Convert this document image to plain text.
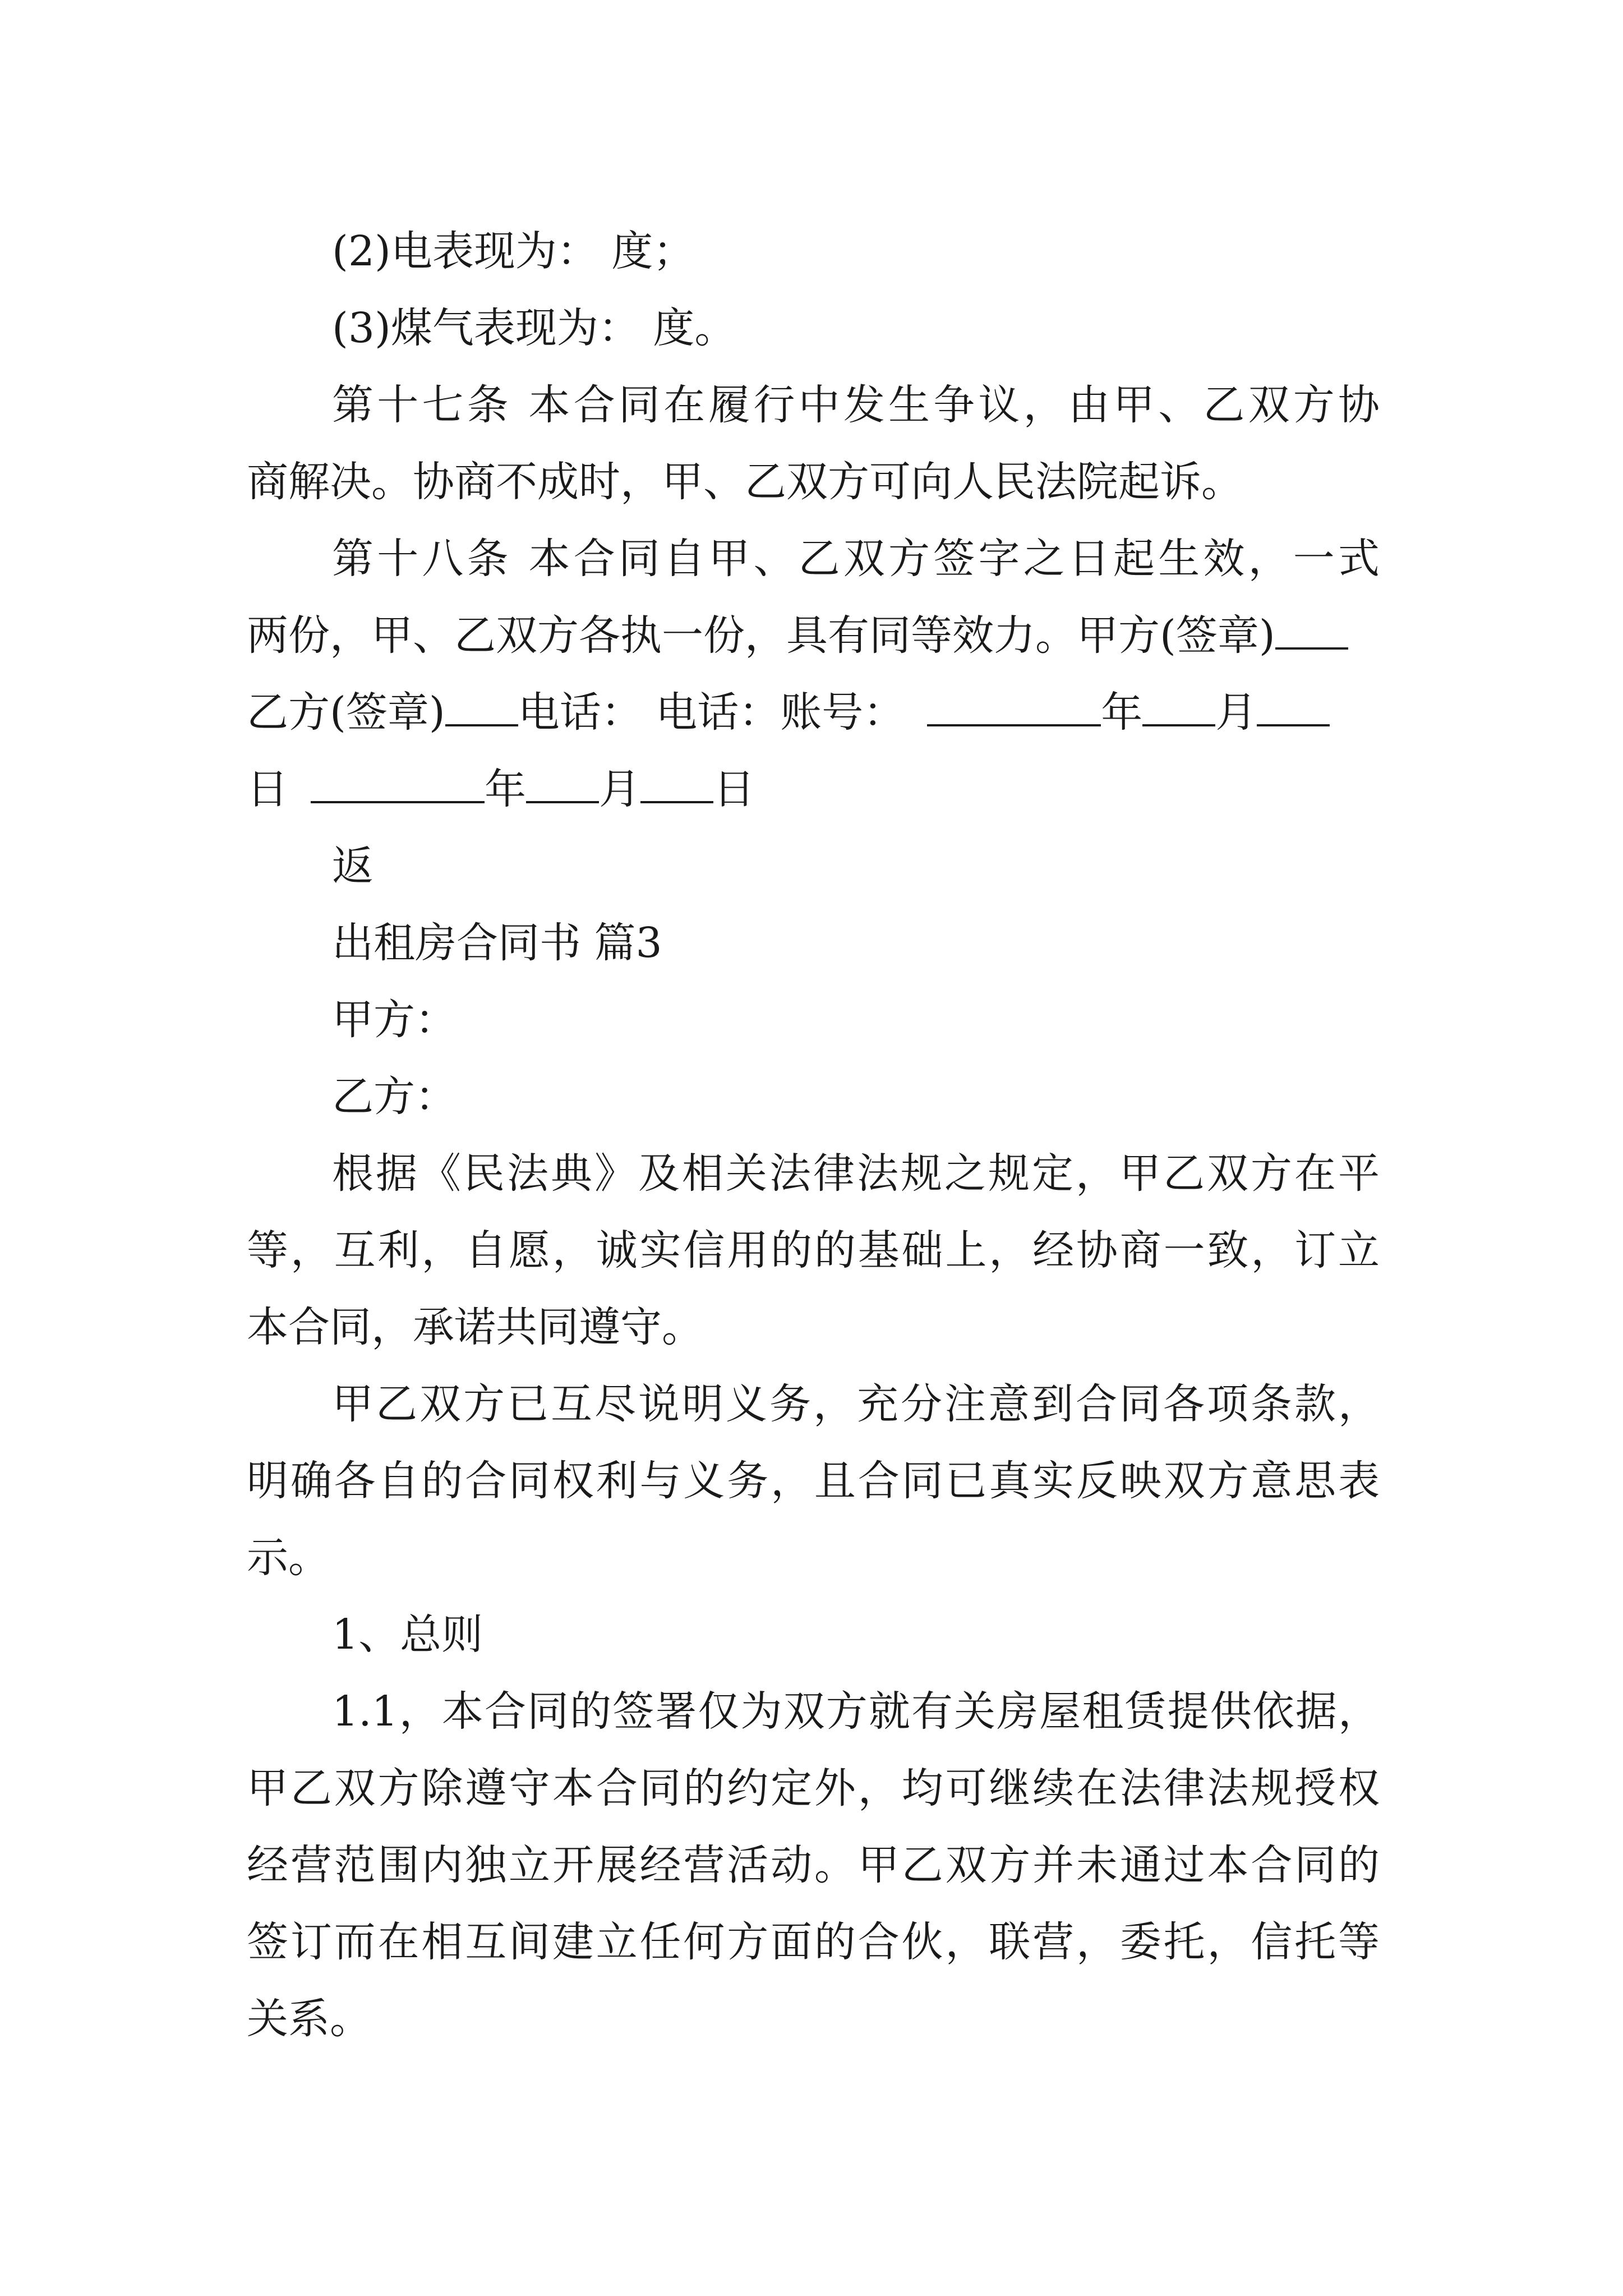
(2)电表现为： 度；
(3)煤气表现为： 度。
第十七条 本合同在履行中发生争议，由甲、乙双方协
商解决。协商不成时，甲、乙双方可向人民法院起诉。
第十八条 本合同自甲、乙双方签字之日起生效，一式
两份，甲、乙双方各执一份，具有同等效力。甲方(签章)
乙方(签章) 电话： 电话：账号：	年 月
日	年 月 日
返
出租房合同书 篇3
甲方：
乙方：
根据《民法典》及相关法律法规之规定，甲乙双方在平
等，互利，自愿，诚实信用的的基础上，经协商一致，订立
本合同，承诺共同遵守。
甲乙双方已互尽说明义务，充分注意到合同各项条款，
明确各自的合同权利与义务，且合同已真实反映双方意思表
示。
1、总则
1.1，本合同的签署仅为双方就有关房屋租赁提供依据，
甲乙双方除遵守本合同的约定外，均可继续在法律法规授权
经营范围内独立开展经营活动。甲乙双方并未通过本合同的
签订而在相互间建立任何方面的合伙，联营，委托，信托等
关系。
